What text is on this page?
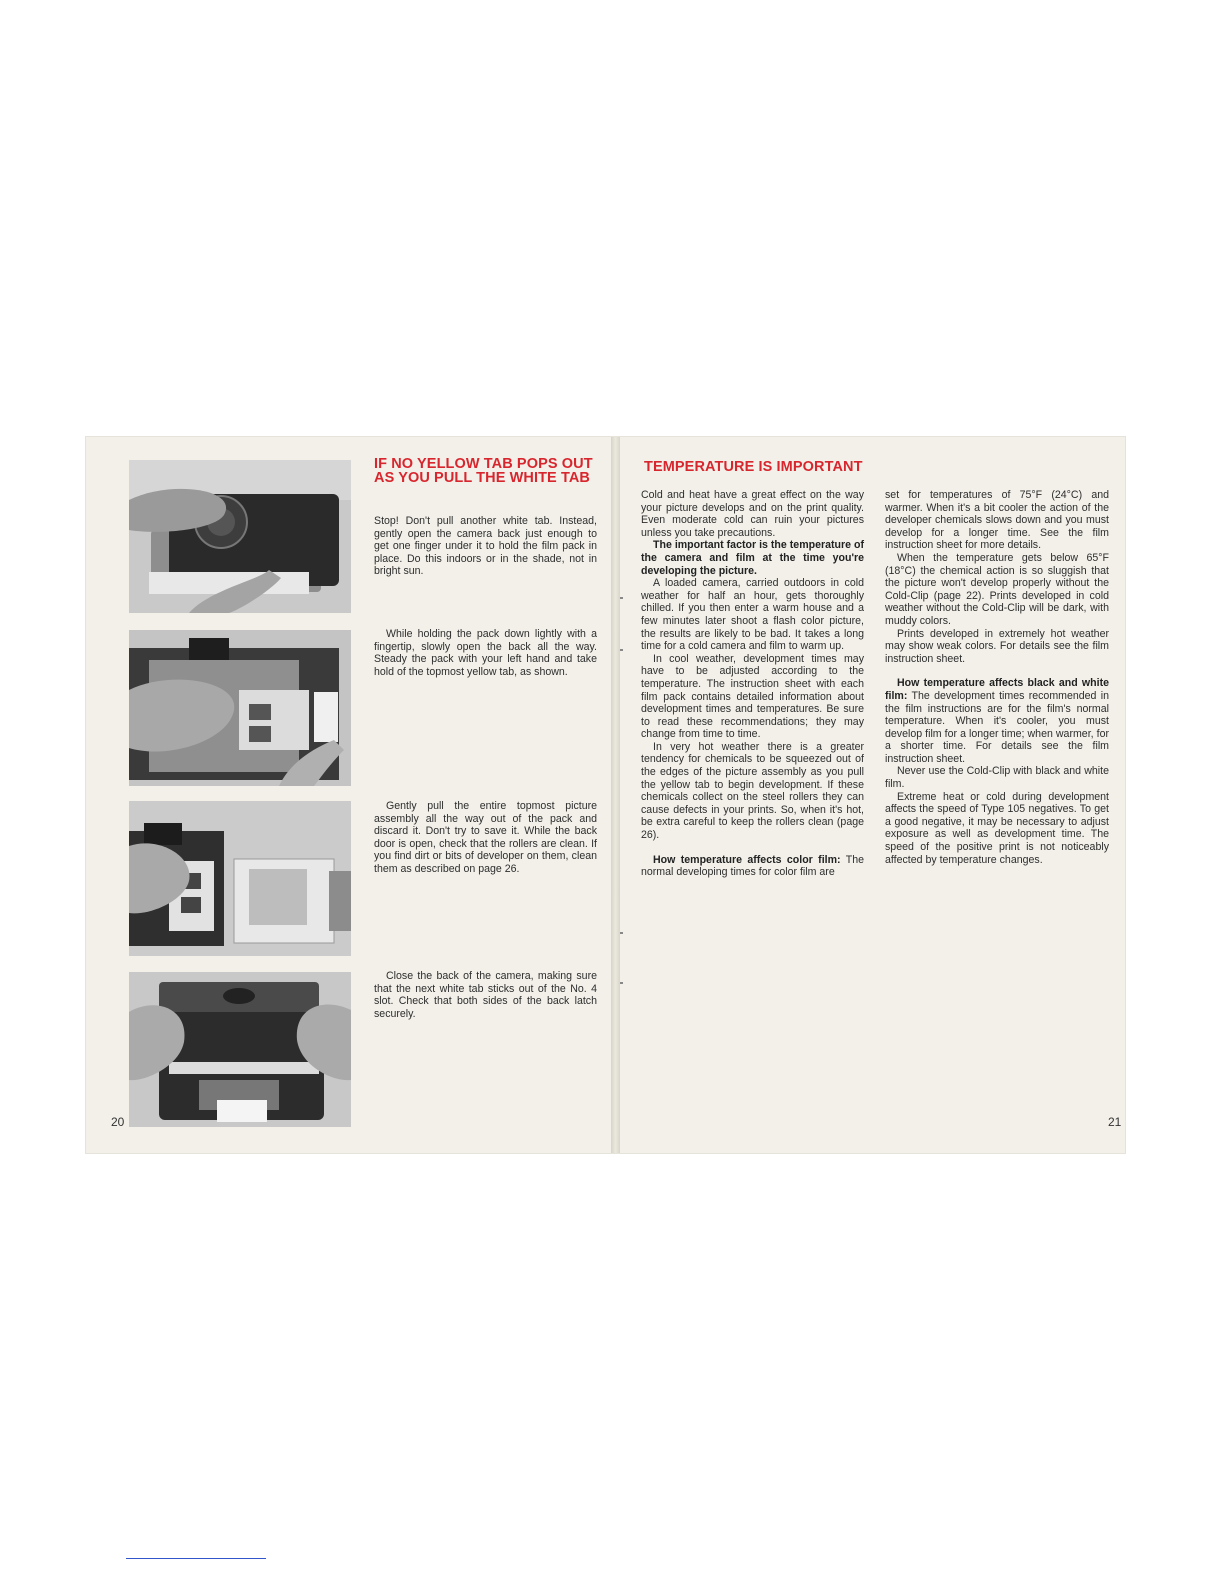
IF NO YELLOW TAB POPS OUT
AS YOU PULL THE WHITE TAB

Stop! Don't pull another white tab. Instead, gently open the camera back just enough to get one finger under it to hold the film pack in place. Do this indoors or in the shade, not in bright sun.

While holding the pack down lightly with a fingertip, slowly open the back all the way. Steady the pack with your left hand and take hold of the topmost yellow tab, as shown.

Gently pull the entire topmost picture assembly all the way out of the pack and discard it. Don't try to save it. While the back door is open, check that the rollers are clean. If you find dirt or bits of developer on them, clean them as described on page 26.

Close the back of the camera, making sure that the next white tab sticks out of the No. 4 slot. Check that both sides of the back latch securely.

20	21
TEMPERATURE IS IMPORTANT

Cold and heat have a great effect on the way your picture develops and on the print quality. Even moderate cold can ruin your pictures unless you take precautions.

The important factor is the temperature of the camera and film at the time you're developing the picture.

A loaded camera, carried outdoors in cold weather for half an hour, gets thoroughly chilled. If you then enter a warm house and a few minutes later shoot a flash color picture, the results are likely to be bad. It takes a long time for a cold camera and film to warm up.

In cool weather, development times may have to be adjusted according to the temperature. The instruction sheet with each film pack contains detailed information about development times and temperatures. Be sure to read these recommendations; they may change from time to time.

In very hot weather there is a greater tendency for chemicals to be squeezed out of the edges of the picture assembly as you pull the yellow tab to begin development. If these chemicals collect on the steel rollers they can cause defects in your prints. So, when it's hot, be extra careful to keep the rollers clean (page 26).

How temperature affects color film: The normal developing times for color film are

set for temperatures of 75°F (24°C) and warmer. When it's a bit cooler the action of the developer chemicals slows down and you must develop for a longer time. See the film instruction sheet for more details.

When the temperature gets below 65°F (18°C) the chemical action is so sluggish that the picture won't develop properly without the Cold-Clip (page 22). Prints developed in cold weather without the Cold-Clip will be dark, with muddy colors.

Prints developed in extremely hot weather may show weak colors. For details see the film instruction sheet.

How temperature affects black and white film: The development times recommended in the film instructions are for the film's normal temperature. When it's cooler, you must develop film for a longer time; when warmer, for a shorter time. For details see the film instruction sheet.

Never use the Cold-Clip with black and white film.

Extreme heat or cold during development affects the speed of Type 105 negatives. To get a good negative, it may be necessary to adjust exposure as well as development time. The speed of the positive print is not noticeably affected by temperature changes.
